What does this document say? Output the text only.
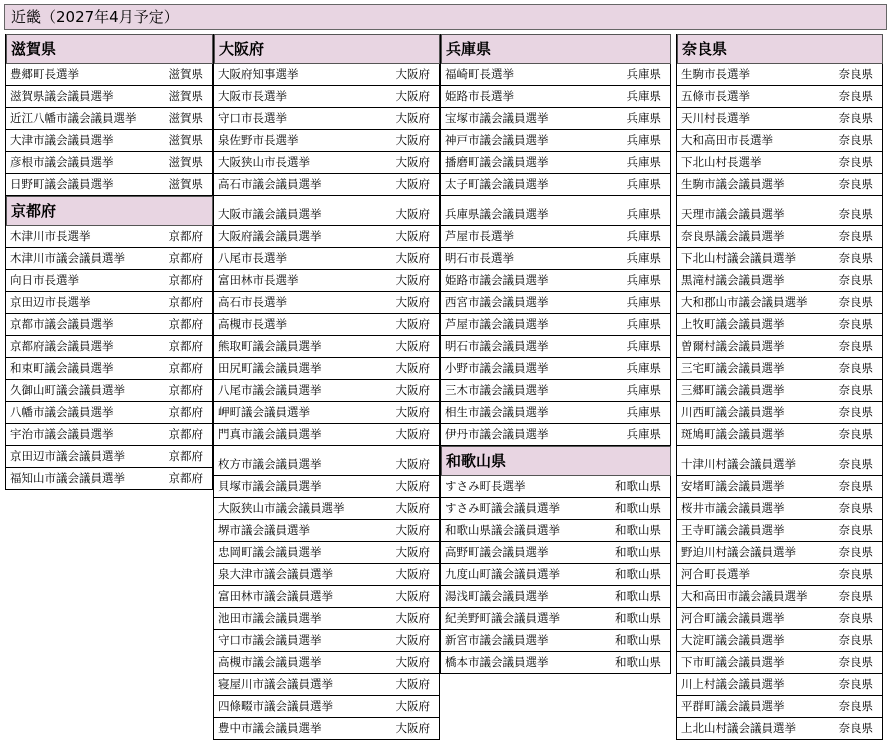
近畿（2027年4月予定）
滋賀県
豊郷町長選挙	滋賀県
滋賀県議会議員選挙	滋賀県
近江八幡市議会議員選挙	滋賀県
大津市議会議員選挙	滋賀県
彦根市議会議員選挙	滋賀県
日野町議会議員選挙	滋賀県
京都府
木津川市長選挙	京都府
木津川市議会議員選挙	京都府
向日市長選挙	京都府
京田辺市長選挙	京都府
京都市議会議員選挙	京都府
京都府議会議員選挙	京都府
和束町議会議員選挙	京都府
久御山町議会議員選挙	京都府
八幡市議会議員選挙	京都府
宇治市議会議員選挙	京都府
京田辺市議会議員選挙	京都府
福知山市議会議員選挙	京都府
大阪府
大阪府知事選挙	大阪府
大阪市長選挙	大阪府
守口市長選挙	大阪府
泉佐野市長選挙	大阪府
大阪狭山市長選挙	大阪府
高石市議会議員選挙	大阪府
大阪市議会議員選挙	大阪府
大阪府議会議員選挙	大阪府
八尾市長選挙	大阪府
富田林市長選挙	大阪府
高石市長選挙	大阪府
高槻市長選挙	大阪府
熊取町議会議員選挙	大阪府
田尻町議会議員選挙	大阪府
八尾市議会議員選挙	大阪府
岬町議会議員選挙	大阪府
門真市議会議員選挙	大阪府
枚方市議会議員選挙	大阪府
貝塚市議会議員選挙	大阪府
大阪狭山市議会議員選挙	大阪府
堺市議会議員選挙	大阪府
忠岡町議会議員選挙	大阪府
泉大津市議会議員選挙	大阪府
富田林市議会議員選挙	大阪府
池田市議会議員選挙	大阪府
守口市議会議員選挙	大阪府
高槻市議会議員選挙	大阪府
寝屋川市議会議員選挙	大阪府
四條畷市議会議員選挙	大阪府
豊中市議会議員選挙	大阪府
兵庫県
福崎町長選挙	兵庫県
姫路市長選挙	兵庫県
宝塚市議会議員選挙	兵庫県
神戸市議会議員選挙	兵庫県
播磨町議会議員選挙	兵庫県
太子町議会議員選挙	兵庫県
兵庫県議会議員選挙	兵庫県
芦屋市長選挙	兵庫県
明石市長選挙	兵庫県
姫路市議会議員選挙	兵庫県
西宮市議会議員選挙	兵庫県
芦屋市議会議員選挙	兵庫県
明石市議会議員選挙	兵庫県
小野市議会議員選挙	兵庫県
三木市議会議員選挙	兵庫県
相生市議会議員選挙	兵庫県
伊丹市議会議員選挙	兵庫県
和歌山県
すさみ町長選挙	和歌山県
すさみ町議会議員選挙	和歌山県
和歌山県議会議員選挙	和歌山県
高野町議会議員選挙	和歌山県
九度山町議会議員選挙	和歌山県
湯浅町議会議員選挙	和歌山県
紀美野町議会議員選挙	和歌山県
新宮市議会議員選挙	和歌山県
橋本市議会議員選挙	和歌山県
奈良県
生駒市長選挙	奈良県
五條市長選挙	奈良県
天川村長選挙	奈良県
大和高田市長選挙	奈良県
下北山村長選挙	奈良県
生駒市議会議員選挙	奈良県
天理市議会議員選挙	奈良県
奈良県議会議員選挙	奈良県
下北山村議会議員選挙	奈良県
黒滝村議会議員選挙	奈良県
大和郡山市議会議員選挙	奈良県
上牧町議会議員選挙	奈良県
曽爾村議会議員選挙	奈良県
三宅町議会議員選挙	奈良県
三郷町議会議員選挙	奈良県
川西町議会議員選挙	奈良県
斑鳩町議会議員選挙	奈良県
十津川村議会議員選挙	奈良県
安堵町議会議員選挙	奈良県
桜井市議会議員選挙	奈良県
王寺町議会議員選挙	奈良県
野迫川村議会議員選挙	奈良県
河合町長選挙	奈良県
大和高田市議会議員選挙	奈良県
河合町議会議員選挙	奈良県
大淀町議会議員選挙	奈良県
下市町議会議員選挙	奈良県
川上村議会議員選挙	奈良県
平群町議会議員選挙	奈良県
上北山村議会議員選挙	奈良県
